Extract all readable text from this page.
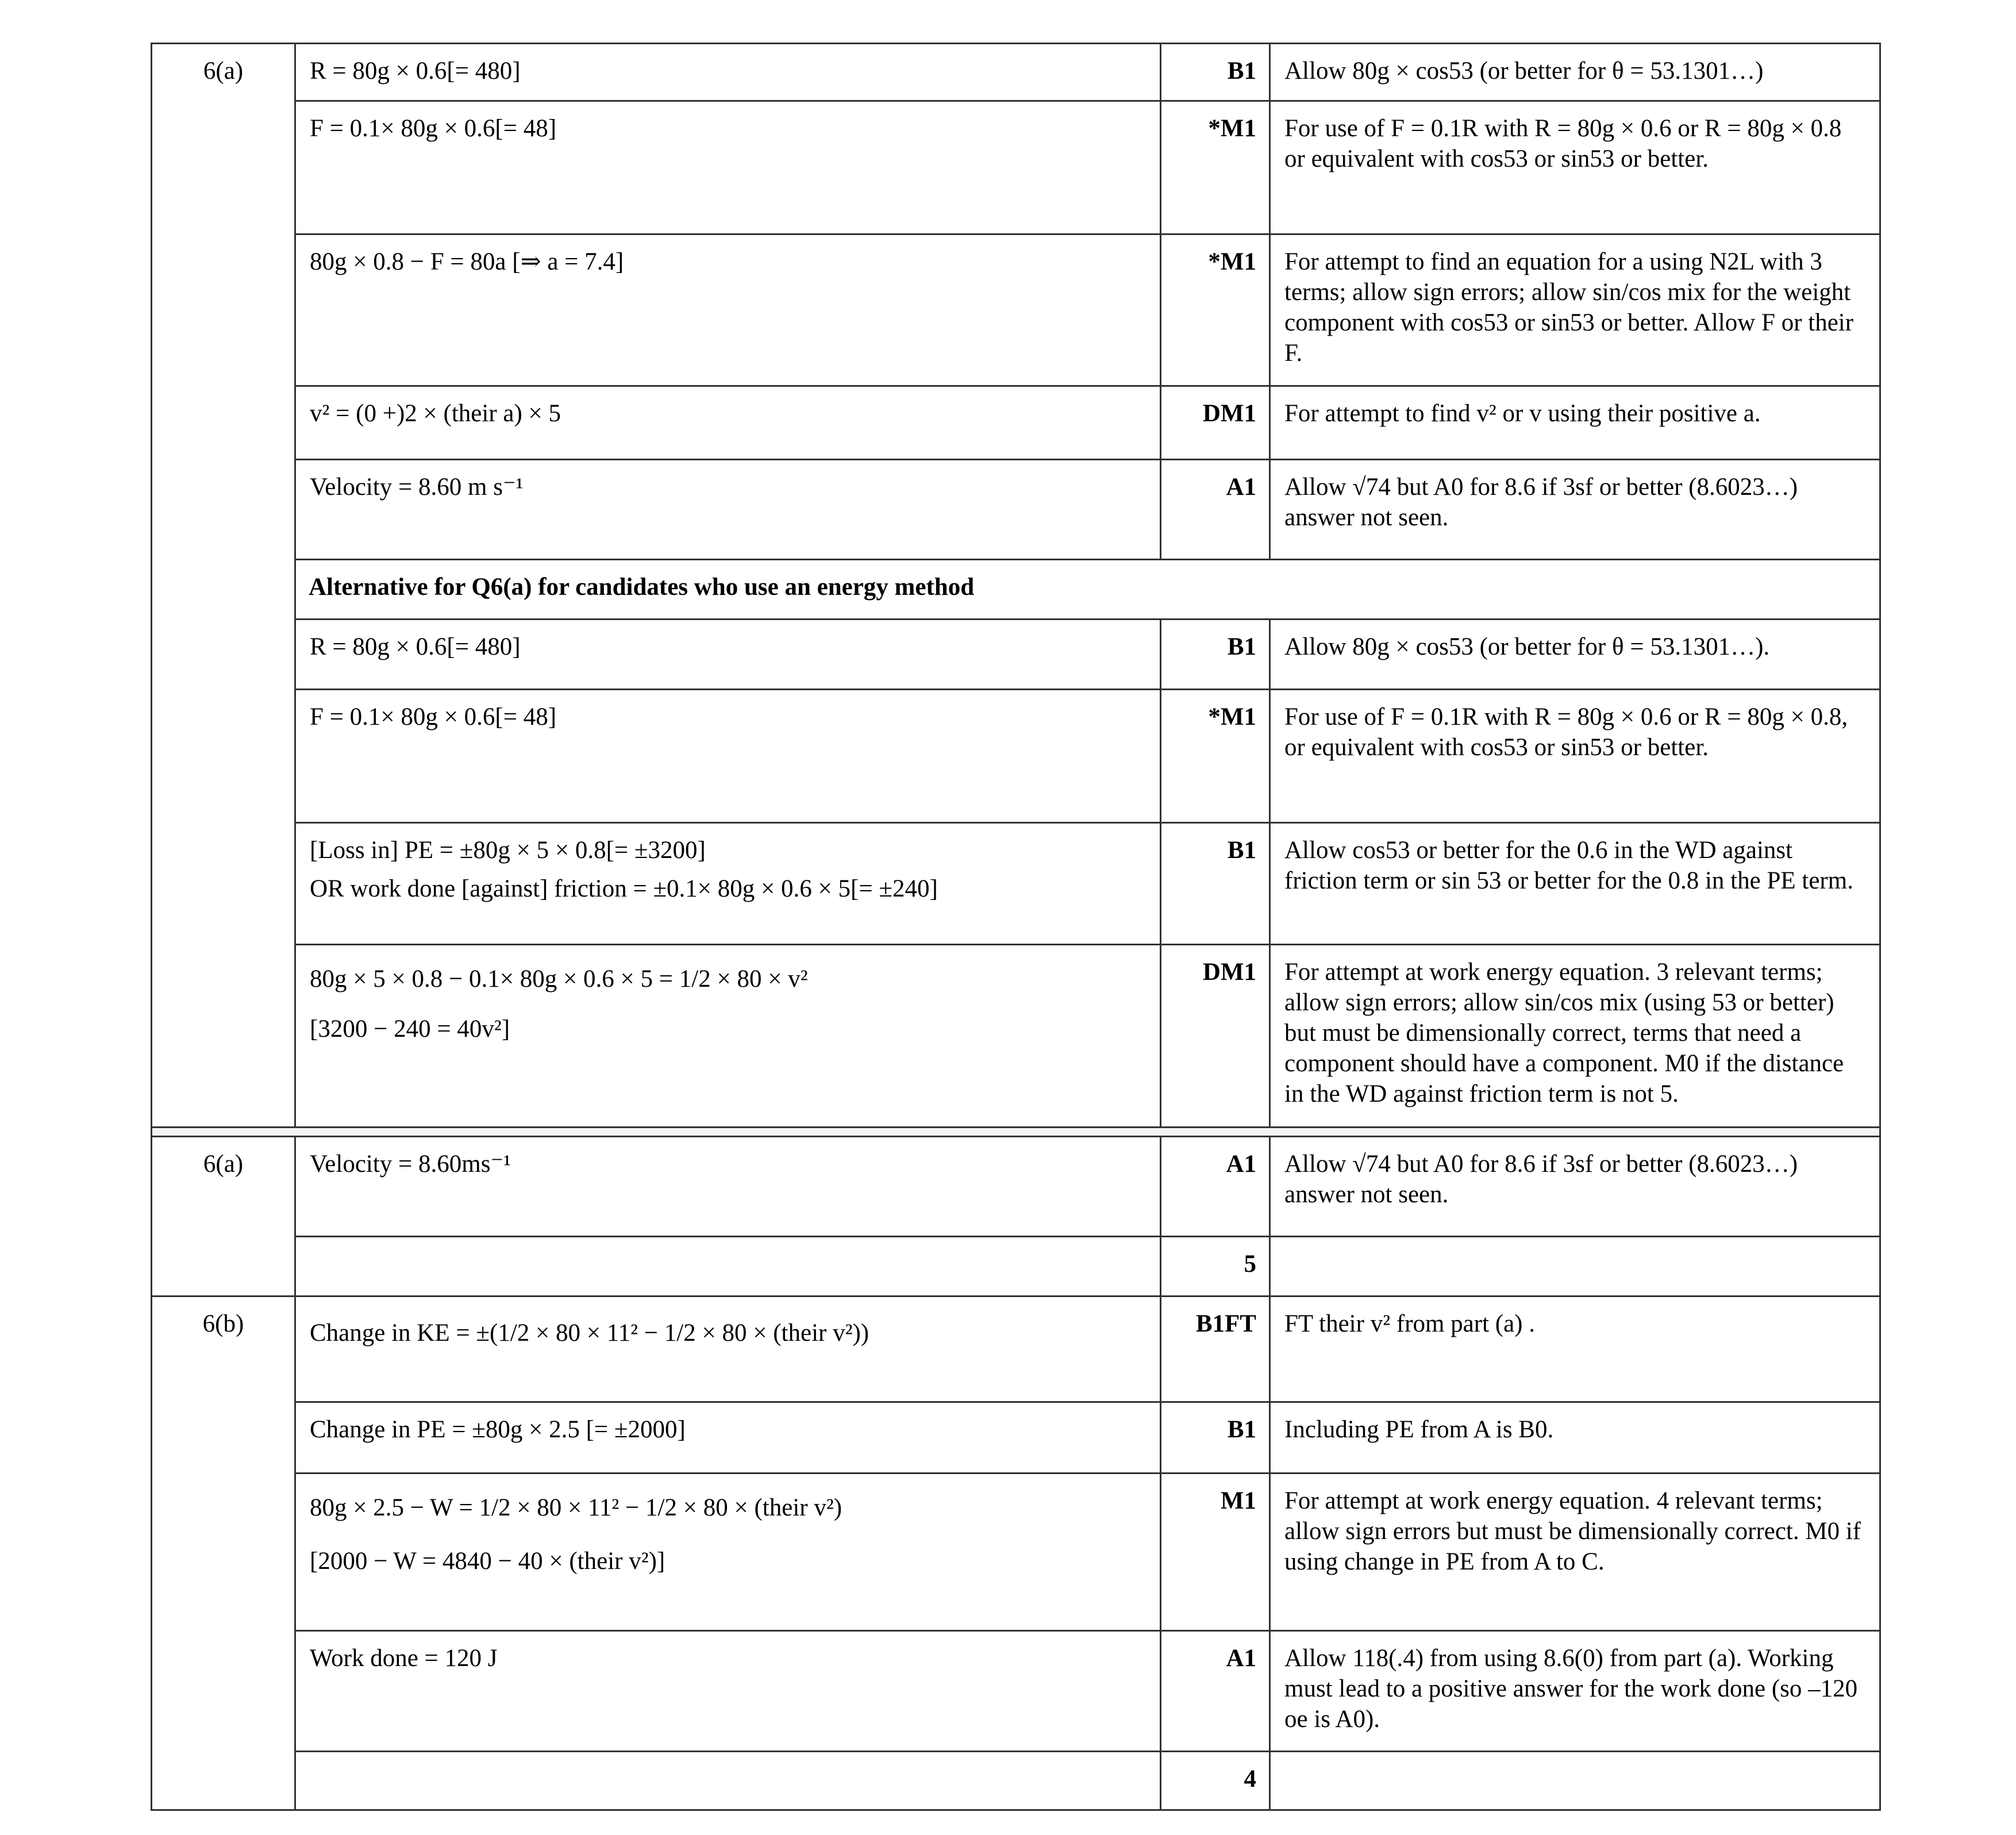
6(a)	R = 80g × 0.6[= 480]	B1	Allow 80g × cos53 (or better for θ = 53.1301…)
	F = 0.1× 80g × 0.6[= 48]	*M1	For use of F = 0.1R with R = 80g × 0.6 or R = 80g × 0.8 or equivalent with cos53 or sin53 or better.
	80g × 0.8 − F = 80a [⇒ a = 7.4]	*M1	For attempt to find an equation for a using N2L with 3 terms; allow sign errors; allow sin/cos mix for the weight component with cos53 or sin53 or better. Allow F or their F.
	v² = (0 +)2 × (their a) × 5	DM1	For attempt to find v² or v using their positive a.
	Velocity = 8.60 m s⁻¹	A1	Allow √74 but A0 for 8.6 if 3sf or better (8.6023…) answer not seen.
	Alternative for Q6(a) for candidates who use an energy method		
	R = 80g × 0.6[= 480]	B1	Allow 80g × cos53 (or better for θ = 53.1301…).
	F = 0.1× 80g × 0.6[= 48]	*M1	For use of F = 0.1R with R = 80g × 0.6 or R = 80g × 0.8, or equivalent with cos53 or sin53 or better.

	[Loss in] PE = ±80g × 5 × 0.8[= ±3200]
OR work done [against] friction = ±0.1× 80g × 0.6 × 5[= ±240]	B1	Allow cos53 or better for the 0.6 in the WD against friction term or sin 53 or better for the 0.8 in the PE term.

	80g × 5 × 0.8 − 0.1× 80g × 0.6 × 5 = 1/2 × 80 × v²
[3200 − 240 = 40v²]	DM1	For attempt at work energy equation. 3 relevant terms; allow sign errors; allow sin/cos mix (using 53 or better) but must be dimensionally correct, terms that need a component should have a component. M0 if the distance in the WD against friction term is not 5.

6(a)	Velocity = 8.60ms⁻¹	A1	Allow √74 but A0 for 8.6 if 3sf or better (8.6023…) answer not seen.
		5	
6(b)	Change in KE = ±(1/2 × 80 × 11² − 1/2 × 80 × (their v²))	B1FT	FT their v² from part (a) .
	Change in PE = ±80g × 2.5 [= ±2000]	B1	Including PE from A is B0.

	80g × 2.5 − W = 1/2 × 80 × 11² − 1/2 × 80 × (their v²)
[2000 − W = 4840 − 40 × (their v²)]	M1	For attempt at work energy equation. 4 relevant terms; allow sign errors but must be dimensionally correct. M0 if using change in PE from A to C.
	Work done = 120 J	A1	Allow 118(.4) from using 8.6(0) from part (a). Working must lead to a positive answer for the work done (so –120 oe is A0).
		4	
